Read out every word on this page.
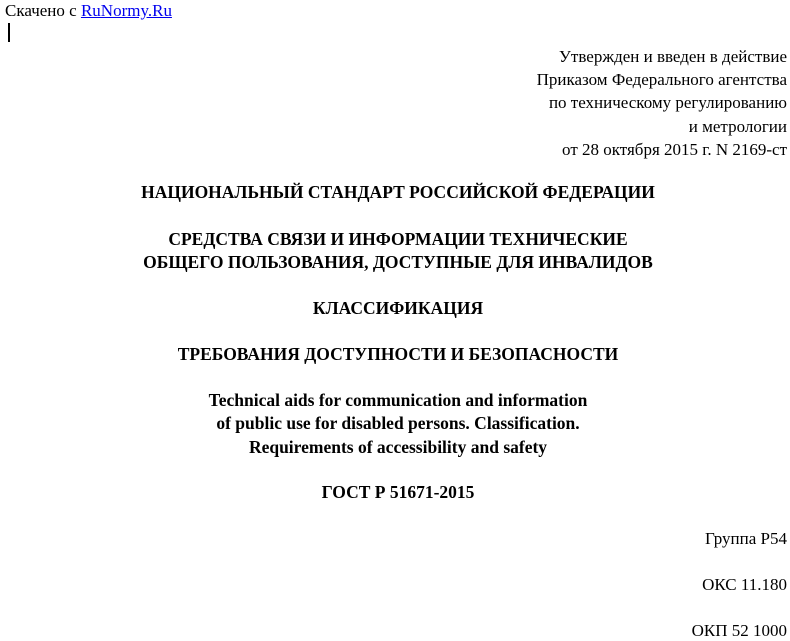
Скачено с RuNormy.Ru
Утвержден и введен в действие
Приказом Федерального агентства
по техническому регулированию
и метрологии
от 28 октября 2015 г. N 2169-ст
НАЦИОНАЛЬНЫЙ СТАНДАРТ РОССИЙСКОЙ ФЕДЕРАЦИИ
СРЕДСТВА СВЯЗИ И ИНФОРМАЦИИ ТЕХНИЧЕСКИЕ
ОБЩЕГО ПОЛЬЗОВАНИЯ, ДОСТУПНЫЕ ДЛЯ ИНВАЛИДОВ
КЛАССИФИКАЦИЯ
ТРЕБОВАНИЯ ДОСТУПНОСТИ И БЕЗОПАСНОСТИ
Technical aids for communication and information
of public use for disabled persons. Classification.
Requirements of accessibility and safety
ГОСТ Р 51671-2015
Группа Р54
ОКС 11.180
ОКП 52 1000
